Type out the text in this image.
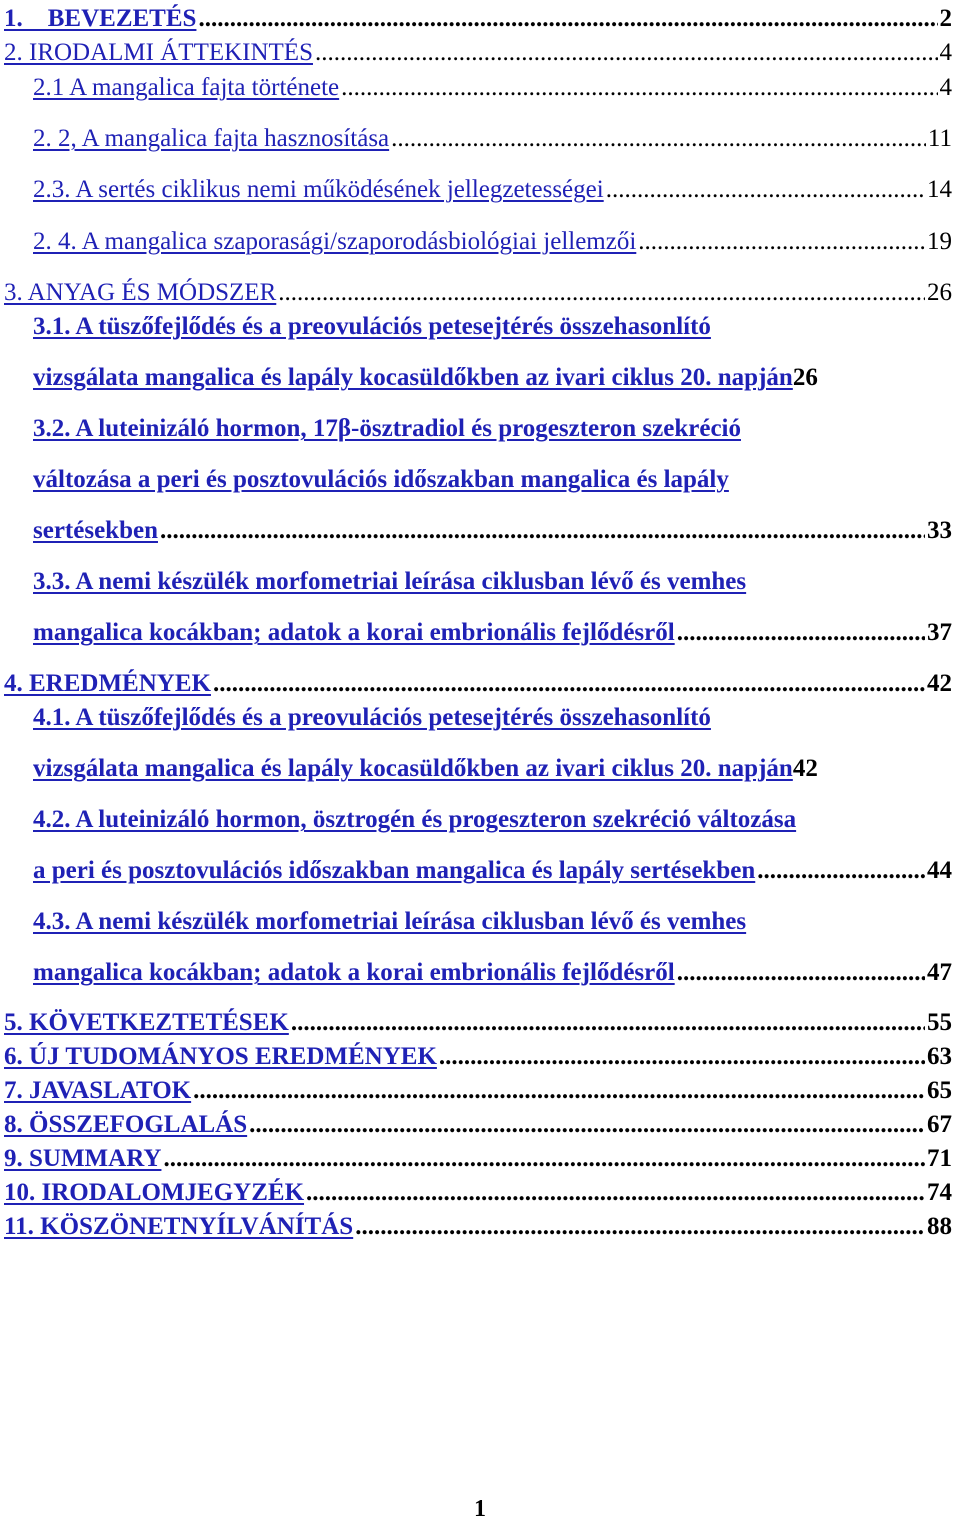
1.    BEVEZETÉS .....	2
2. IRODALMI ÁTTEKINTÉS .....	4
2.1 A mangalica fajta története .....	4
2. 2, A mangalica fajta hasznosítása .....	11
2.3. A sertés ciklikus nemi működésének jellegzetességei .....	14
2. 4. A mangalica szaporasági/szaporodásbiológiai jellemzői .....	19
3. ANYAG ÉS MÓDSZER .....	26
3.1. A tüszőfejlődés és a preovulációs petesejtérés összehasonlító
vizsgálata mangalica és lapály kocasüldőkben az ivari ciklus 20. napján 26
3.2. A luteinizáló hormon, 17β-ösztradiol és progeszteron szekréció
változása a peri és posztovulációs időszakban mangalica és lapály
sertésekben .....	33
3.3. A nemi készülék morfometriai leírása ciklusban lévő és vemhes
mangalica kocákban; adatok a korai embrionális fejlődésről .....	37
4. EREDMÉNYEK .....	42
4.1. A tüszőfejlődés és a preovulációs petesejtérés összehasonlító
vizsgálata mangalica és lapály kocasüldőkben az ivari ciklus 20. napján 42
4.2. A luteinizáló hormon, ösztrogén és progeszteron szekréció változása
a peri és posztovulációs időszakban mangalica és lapály sertésekben .....	44
4.3. A nemi készülék morfometriai leírása ciklusban lévő és vemhes
mangalica kocákban; adatok a korai embrionális fejlődésről .....	47
5. KÖVETKEZTETÉSEK .....	55
6. ÚJ TUDOMÁNYOS EREDMÉNYEK .....	63
7. JAVASLATOK .....	65
8. ÖSSZEFOGLALÁS .....	67
9. SUMMARY .....	71
10. IRODALOMJEGYZÉK .....	74
11. KÖSZÖNETNYÍLVÁNÍTÁS .....	88
1
